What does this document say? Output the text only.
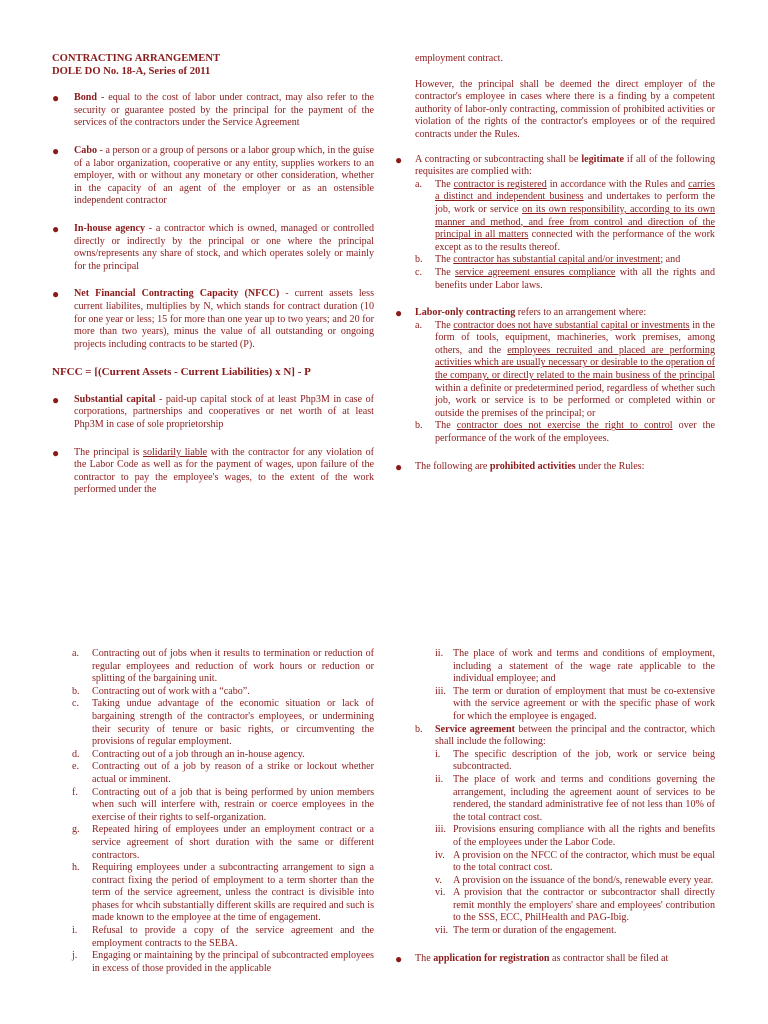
CONTRACTING ARRANGEMENT
DOLE DO No. 18-A, Series of 2011
● Bond - equal to the cost of labor under contract, may also refer to the security or guarantee posted by the principal for the payment of the services of the contractors under the Service Agreement
● Cabo - a person or a group of persons or a labor group which, in the guise of a labor organization, cooperative or any entity, supplies workers to an employer, with or without any monetary or other consideration, whether in the capacity of an agent of the employer or as an ostensible independent contractor
● In-house agency - a contractor which is owned, managed or controlled directly or indirectly by the principal or one where the principal owns/represents any share of stock, and which operates solely or mainly for the principal
● Net Financial Contracting Capacity (NFCC) - current assets less current liabilites, multiplies by N, which stands for contract duration (10 for one year or less; 15 for more than one year up to two years; and 20 for more than two years), minus the value of all outstanding or ongoing projects including contracts to be started (P).
NFCC = [(Current Assets - Current Liabilities) x N] - P
● Substantial capital - paid-up capital stock of at least Php3M in case of corporations, partnerships and cooperatives or net worth of at least Php3M in case of sole proprietorship
● The principal is solidarily liable with the contractor for any violation of the Labor Code as well as for the payment of wages, upon failure of the contractor to pay the employee's wages, to the extent of the work performed under the

employment contract.

However, the principal shall be deemed the direct employer of the contractor's employee in cases where there is a finding by a competent authority of labor-only contracting, commission of prohibited activities or violation of the rights of the contractor's employees or of the required contracts under the Rules.

● A contracting or subcontracting shall be legitimate if all of the following requisites are complied with:
a. The contractor is registered in accordance with the Rules and carries a distinct and independent business and undertakes to perform the job, work or service on its own responsibility, according to its own manner and method, and free from control and direction of the principal in all matters connected with the performance of the work except as to the results thereof.
b. The contractor has substantial capital and/or investment; and
c. The service agreement ensures compliance with all the rights and benefits under Labor laws.
● Labor-only contracting refers to an arrangement where:
a. The contractor does not have substantial capital or investments in the form of tools, equipment, machineries, work premises, among others, and the employees recruited and placed are performing activities which are usually necessary or desirable to the operation of the company, or directly related to the main business of the principal within a definite or predetermined period, regardless of whether such job, work or service is to be performed or completed within or outside the premises of the principal; or
b. The contractor does not exercise the right to control over the performance of the work of the employees.
● The following are prohibited activities under the Rules:
a. Contracting out of jobs when it results to termination or reduction of regular employees and reduction of work hours or reduction or splitting of the bargaining unit.
b. Contracting out of work with a “cabo”.
c. Taking undue advantage of the economic situation or lack of bargaining strength of the contractor's employees, or undermining their security of tenure or basic rights, or circumventing the provisions of regular employment.
d. Contracting out of a job through an in-house agency.
e. Contracting out of a job by reason of a strike or lockout whether actual or imminent.
f. Contracting out of a job that is being performed by union members when such will interfere with, restrain or coerce employees in the exercise of their rights to self-organization.
g. Repeated hiring of employees under an employment contract or a service agreement of short duration with the same or different contractors.
h. Requiring employees under a subcontracting arrangement to sign a contract fixing the period of employment to a term shorter than the term of the service agreement, unless the contract is divisible into phases for whcih substantially different skills are required and such is made known to the employee at the time of engagement.
i. Refusal to provide a copy of the service agreement and the employment contracts to the SEBA.
j. Engaging or maintaining by the principal of subcontracted employees in excess of those provided in the applicable
ii. The place of work and terms and conditions of employment, including a statement of the wage rate applicable to the individual employee; and
iii. The term or duration of employment that must be co-extensive with the service agreement or with the specific phase of work for which the employee is engaged.
b. Service agreement between the principal and the contractor, which shall include the following:
i.	The specific description of the job, work or service being subcontracted.
ii. The place of work and terms and conditions governing the arrangement, including the agreement aount of services to be rendered, the standard administrative fee of not less than 10% of the total contract cost.
iii. Provisions ensuring compliance with all the rights and benefits of the employees under the Labor Code.
iv. A provision on the NFCC of the contractor, which must be equal to the total contract cost.
v.	A provision on the issuance of the bond/s, renewable every year.
vi. A provision that the contractor or subcontractor shall directly remit monthly the employers' share and employees' contribution to the SSS, ECC, PhilHealth and PAG-Ibig.
vii. The term or duration of the engagement.
● The application for registration as contractor shall be filed at
